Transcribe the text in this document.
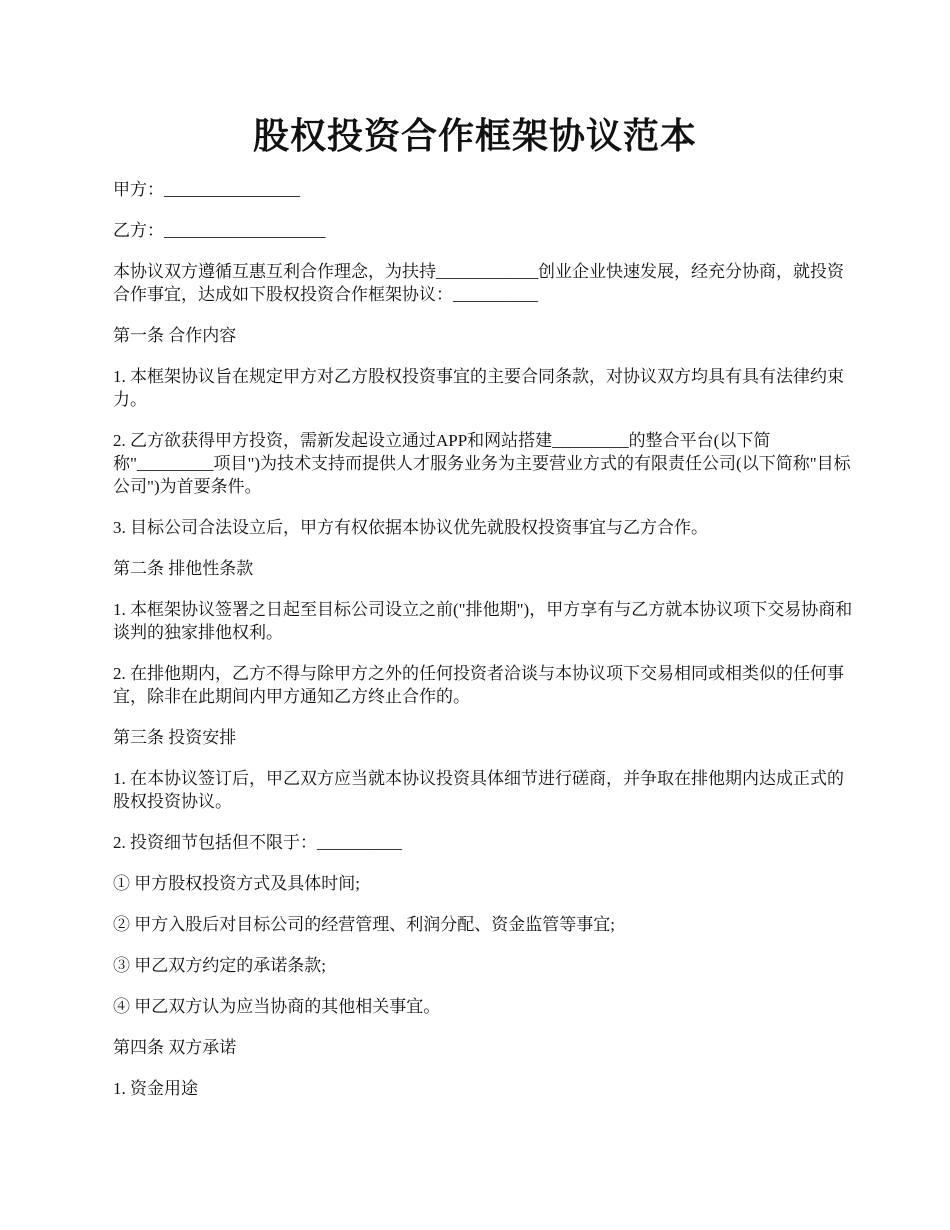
股权投资合作框架协议范本

甲方：________________

乙方：___________________

本协议双方遵循互惠互利合作理念，为扶持____________创业企业快速发展，经充分协商，就投资合作事宜，达成如下股权投资合作框架协议：__________

第一条 合作内容

1. 本框架协议旨在规定甲方对乙方股权投资事宜的主要合同条款，对协议双方均具有具有法律约束力。

2. 乙方欲获得甲方投资，需新发起设立通过APP和网站搭建_________的整合平台(以下简称"_________项目")为技术支持而提供人才服务业务为主要营业方式的有限责任公司(以下简称"目标公司")为首要条件。

3. 目标公司合法设立后，甲方有权依据本协议优先就股权投资事宜与乙方合作。

第二条 排他性条款

1. 本框架协议签署之日起至目标公司设立之前("排他期")，甲方享有与乙方就本协议项下交易协商和谈判的独家排他权利。

2. 在排他期内，乙方不得与除甲方之外的任何投资者洽谈与本协议项下交易相同或相类似的任何事宜，除非在此期间内甲方通知乙方终止合作的。

第三条 投资安排

1. 在本协议签订后，甲乙双方应当就本协议投资具体细节进行磋商，并争取在排他期内达成正式的股权投资协议。

2. 投资细节包括但不限于：__________

① 甲方股权投资方式及具体时间;

② 甲方入股后对目标公司的经营管理、利润分配、资金监管等事宜;

③ 甲乙双方约定的承诺条款;

④ 甲乙双方认为应当协商的其他相关事宜。

第四条 双方承诺

1. 资金用途
